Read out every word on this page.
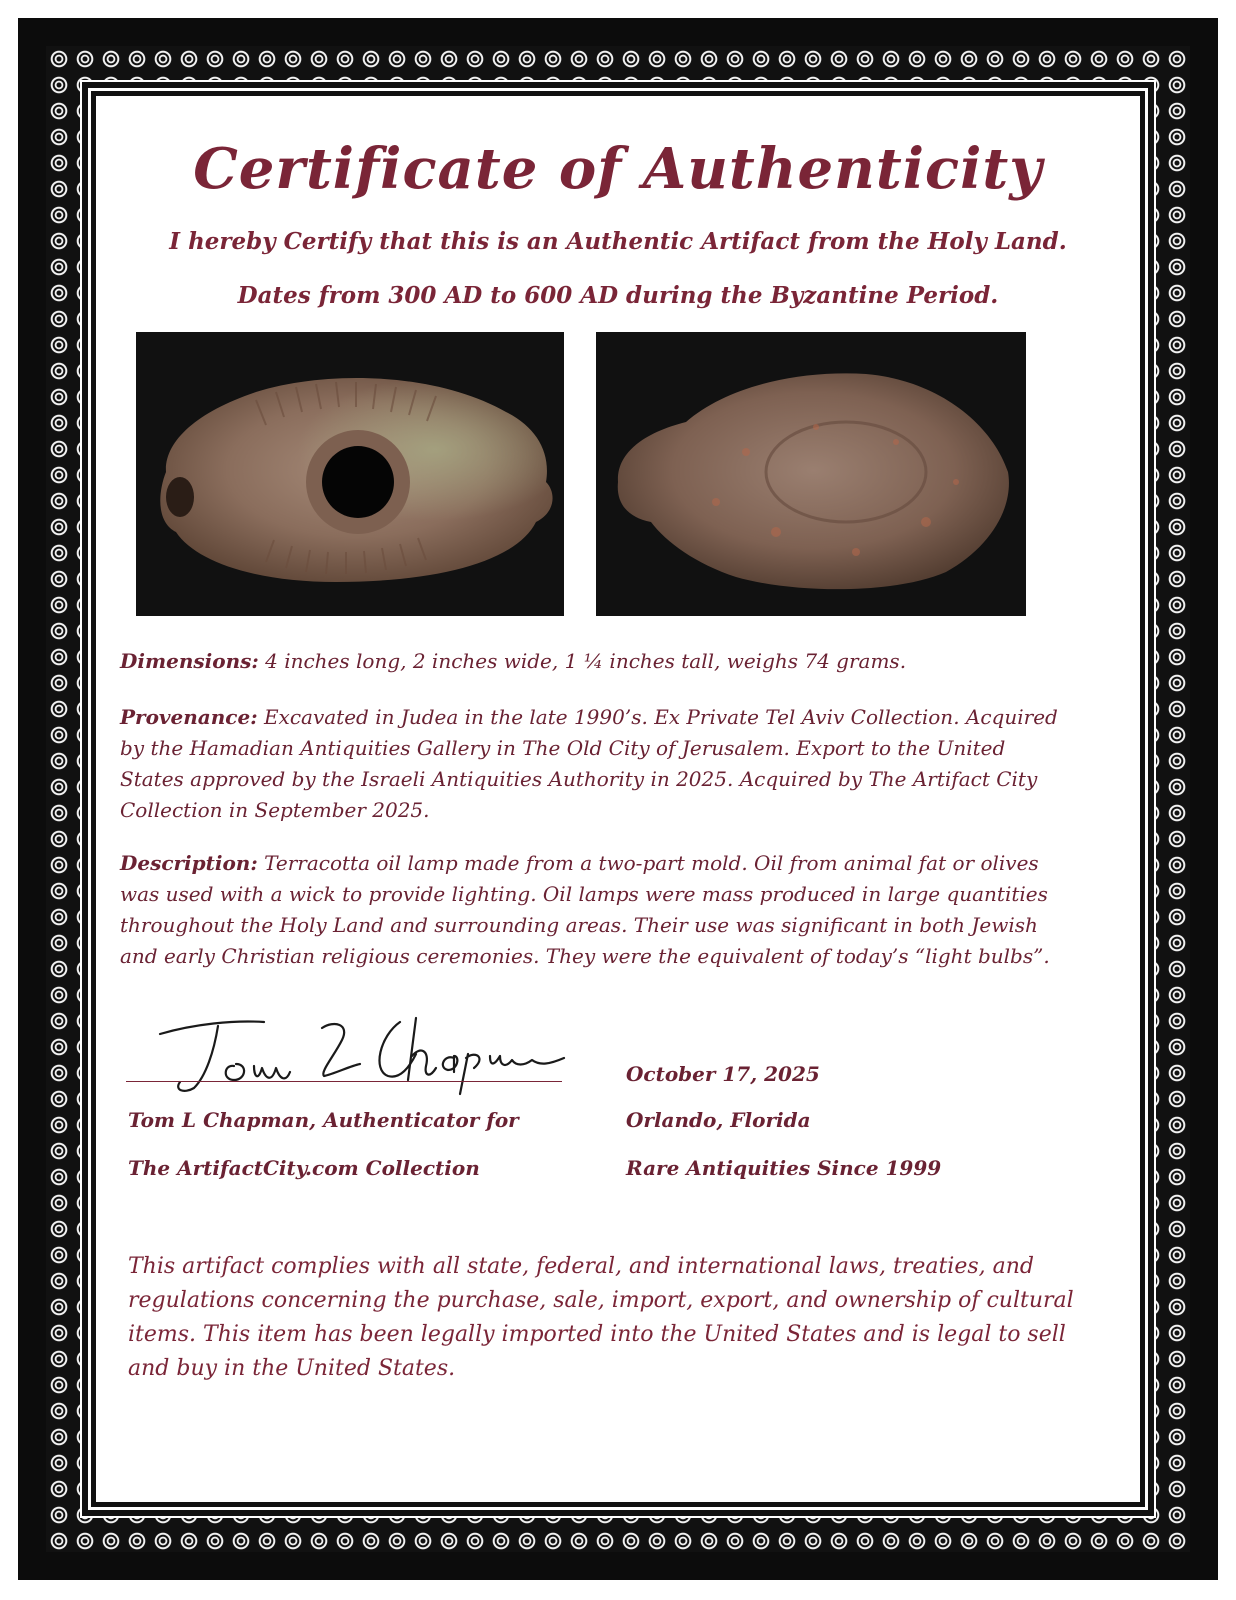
Certificate of Authenticity
I hereby Certify that this is an Authentic Artifact from the Holy Land.
Dates from 300 AD to 600 AD during the Byzantine Period.
Dimensions: 4 inches long, 2 inches wide, 1 ¼ inches tall, weighs 74 grams.
Provenance: Excavated in Judea in the late 1990’s. Ex Private Tel Aviv Collection. Acquired by the Hamadian Antiquities Gallery in The Old City of Jerusalem. Export to the United States approved by the Israeli Antiquities Authority in 2025. Acquired by The Artifact City Collection in September 2025.
Description: Terracotta oil lamp made from a two-part mold. Oil from animal fat or olives was used with a wick to provide lighting. Oil lamps were mass produced in large quantities throughout the Holy Land and surrounding areas. Their use was significant in both Jewish and early Christian religious ceremonies. They were the equivalent of today’s “light bulbs”.
Tom L Chapman, Authenticator for
The ArtifactCity.com Collection
October 17, 2025
Orlando, Florida
Rare Antiquities Since 1999
This artifact complies with all state, federal, and international laws, treaties, and regulations concerning the purchase, sale, import, export, and ownership of cultural items. This item has been legally imported into the United States and is legal to sell and buy in the United States.
